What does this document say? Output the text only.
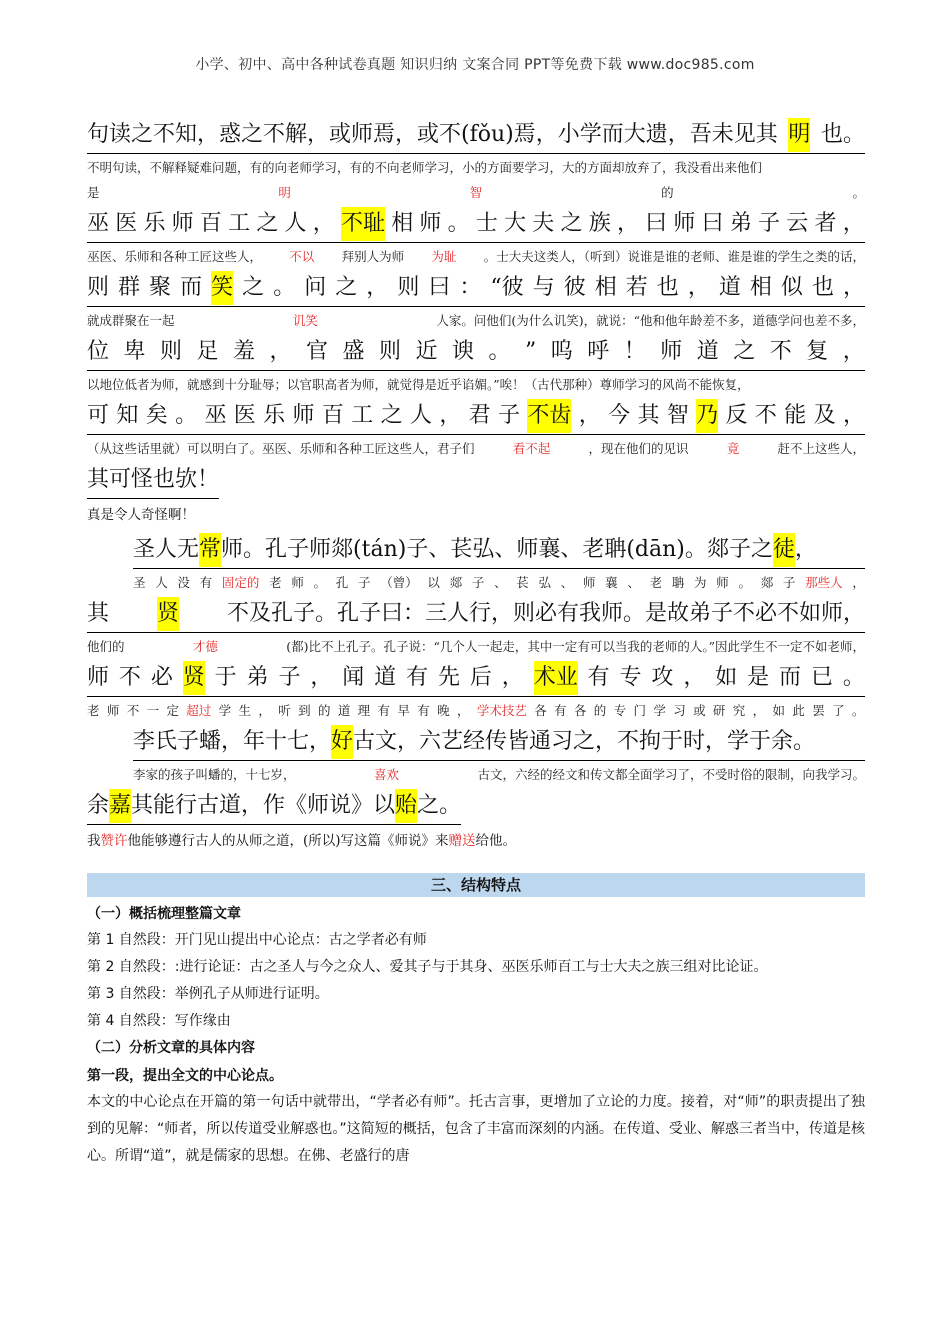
小学、初中、高中各种试卷真题 知识归纳 文案合同 PPT等免费下载 www.doc985.com
句读之不知，惑之不解，或师焉，或不(fǒu)焉，小学而大遗，吾未见其 明 也。
不明句读，不解释疑难问题，有的向老师学习，有的不向老师学习，小的方面要学习，大的方面却放弃了，我没看出来他们
是	明	智	的	。
巫 医 乐 师 百 工 之 人 ， 不耻 相 师 。 士 大 夫 之 族 ， 曰 师 曰 弟 子 云 者 ，
巫医、乐师和各种工匠这些人， 不以 拜别人为师 为耻 。士大夫这类人，（听到）说谁是谁的老师、谁是谁的学生之类的话，
则 群 聚 而 笑 之 。 问 之 ， 则 曰 ： “彼 与 彼 相 若 也 ， 道 相 似 也 ，
就成群聚在一起	讥笑	人家。问他们(为什么讥笑)，就说：“他和他年龄差不多，道德学问也差不多，
位 卑 则 足 羞 ， 官 盛 则 近 谀 。 ” 呜 呼 ！ 师 道 之 不 复 ，
以地位低者为师，就感到十分耻辱；以官职高者为师，就觉得是近乎谄媚。”唉！（古代那种）尊师学习的风尚不能恢复，
可 知 矣 。 巫 医 乐 师 百 工 之 人 ， 君 子 不齿 ， 今 其 智 乃 反 不 能 及 ，
（从这些话里就）可以明白了。巫医、乐师和各种工匠这些人，君子们	看不起	，现在他们的见识	竟	赶不上这些人，
其可怪也欤！
真是令人奇怪啊！
圣人无 常 师。孔子师郯(tán)子、苌弘、师襄、老聃(dān)。郯子之 徒 ，
圣 人 没 有 固定的 老 师 。 孔 子 （曾） 以 郯 子 、 苌 弘 、 师 襄 、 老 聃 为 师 。 郯 子 那些人 ，
其 贤 不及孔子。孔子曰：三人行，则必有我师。是故弟子不必不如师，
他们的	才德	(都)比不上孔子。孔子说：“几个人一起走，其中一定有可以当我的老师的人。”因此学生不一定不如老师，
师 不 必 贤 于 弟 子 ， 闻 道 有 先 后 ， 术业 有 专 攻 ， 如 是 而 已 。
老 师 不 一 定 超过 学 生 ， 听 到 的 道 理 有 早 有 晚 ， 学术技艺 各 有 各 的 专 门 学 习 或 研 究 ， 如 此 罢 了 。
李氏子蟠，年十七， 好 古文，六艺经传皆通习之，不拘于时，学于余。
李家的孩子叫蟠的，十七岁，	喜欢	古文，六经的经文和传文都全面学习了，不受时俗的限制，向我学习。
余 嘉 其能行古道，作《师说》以 贻 之。
我赞许他能够遵行古人的从师之道，(所以)写这篇《师说》来赠送给他。
三、结构特点
（一）概括梳理整篇文章
第 1 自然段：开门见山提出中心论点：古之学者必有师
第 2 自然段：:进行论证：古之圣人与今之众人、爱其子与于其身、巫医乐师百工与士大夫之族三组对比论证。
第 3 自然段：举例孔子从师进行证明。
第 4 自然段：写作缘由
（二）分析文章的具体内容
第一段，提出全文的中心论点。
本文的中心论点在开篇的第一句话中就带出，“学者必有师”。托古言事，更增加了立论的力度。接着，对“师”的职责提出了独到的见解：“师者，所以传道受业解惑也。”这简短的概括，包含了丰富而深刻的内涵。在传道、受业、解惑三者当中，传道是核心。所谓“道”，就是儒家的思想。在佛、老盛行的唐
